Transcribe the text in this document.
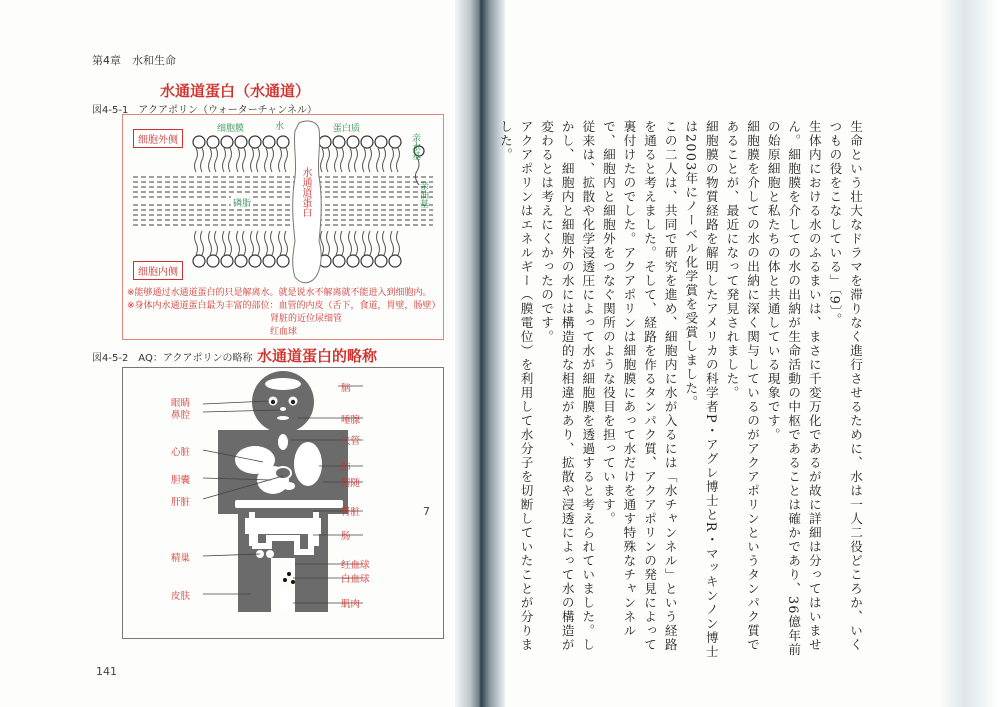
第4章　水和生命
水通道蛋白（水通道）
図4-5-1　アクアポリン（ウォーターチャンネル）
细胞外侧
细胞内侧
细胞膜	水	蛋白质
亲水基
亲油基
磷脂	水通道蛋白
※能够通过水通道蛋白的只是解离水。就是说水不解离就不能进入到细胞内。
※身体内水通道蛋白最为丰富的部位：血管的内皮（舌下，食道，胃壁，肠壁）
肾脏的近位尿细管
红血球
図4-5-2　AQ：アクアポリンの略称 水通道蛋白的略称
眼睛
鼻腔
心脏
胆囊
肝脏
精巢
皮肤
脑
唾腺
气管
肺
精随
肾脏
肠
红血球
白血球
肌肉
7
141

生命という壮大なドラマを滞りなく進行させるために、水は一人二役どころか、いくつもの役をこなしている」〔9〕。

生体内における水のふるまいは、まさに千変万化であるが故に詳細は分ってはいません。細胞膜を介しての水の出納が生命活動の中枢であることは確かであり、36億年前の始原細胞と私たちの体と共通している現象です。

細胞膜を介しての水の出納に深く関与しているのがアクアポリンというタンパク質であることが、最近になって発見されました。

細胞膜の物質経路を解明したアメリカの科学者P・アグレ博士とR・マッキンノン博士は2003年にノーベル化学賞を受賞しました。

この二人は、共同で研究を進め、細胞内に水が入るには「水チャンネル」という経路を通ると考えました。そして、経路を作るタンパク質、アクアポリンの発見によって裏付けたのでした。アクアポリンは細胞膜にあって水だけを通す特殊なチャンネルで、細胞内と細胞外をつなぐ関所のような役目を担っています。

従来は、拡散や化学浸透圧によって水が細胞膜を透過すると考えられていました。しかし、細胞内と細胞外の水には構造的な相違があり、拡散や浸透によって水の構造が変わるとは考えにくかったのです。

アクアポリンはエネルギー（膜電位）を利用して水分子を切断していたことが分りました。
